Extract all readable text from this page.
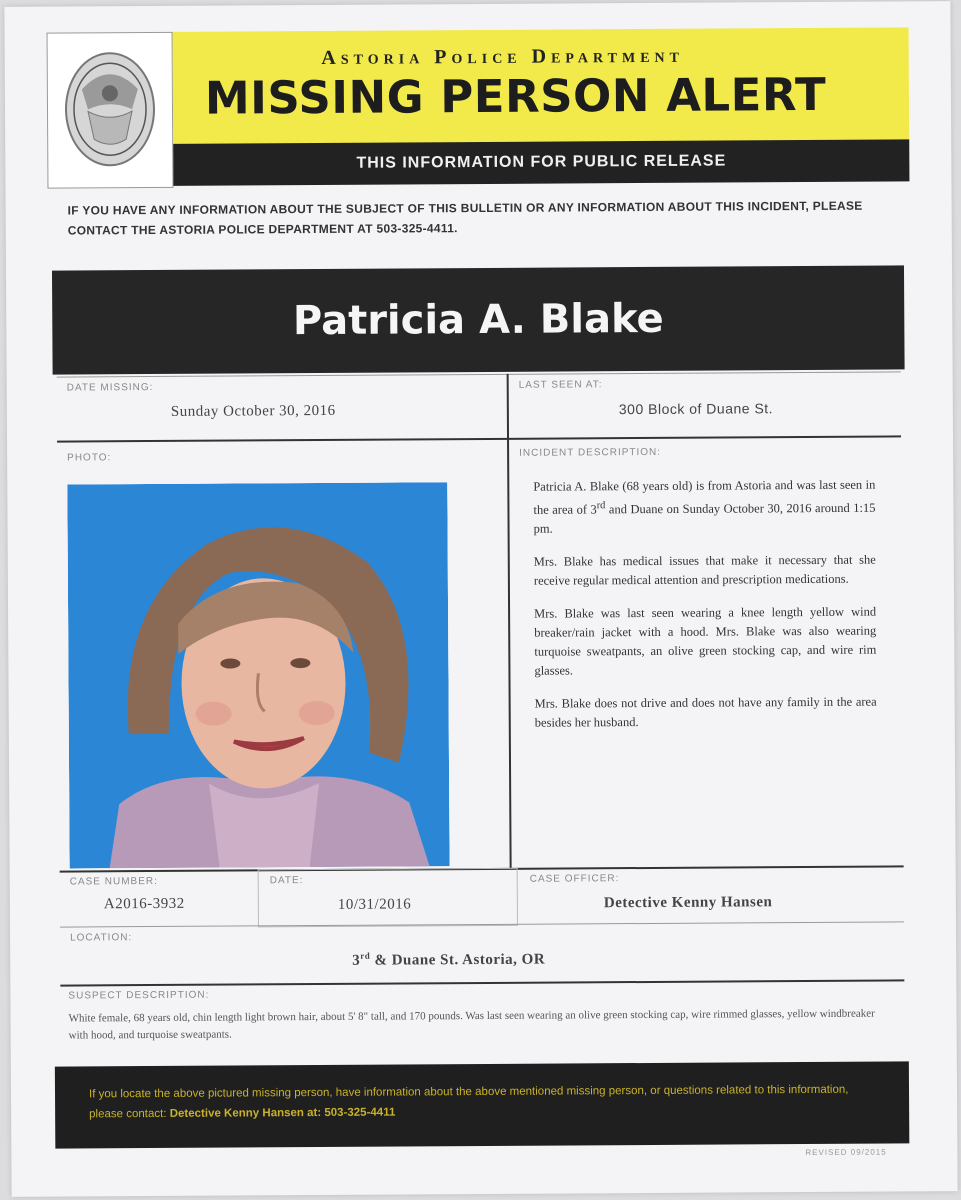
Astoria Police Department
MISSING PERSON ALERT
THIS INFORMATION FOR PUBLIC RELEASE
IF YOU HAVE ANY INFORMATION ABOUT THE SUBJECT OF THIS BULLETIN OR ANY INFORMATION ABOUT THIS INCIDENT, PLEASE CONTACT THE ASTORIA POLICE DEPARTMENT AT 503-325-4411.
Patricia A. Blake
DATE MISSING:
Sunday October 30, 2016
LAST SEEN AT:
300 Block of Duane St.
PHOTO:	INCIDENT DESCRIPTION:

Patricia A. Blake (68 years old) is from Astoria and was last seen in the area of 3rd and Duane on Sunday October 30, 2016 around 1:15 pm.

Mrs. Blake has medical issues that make it necessary that she receive regular medical attention and prescription medications.

Mrs. Blake was last seen wearing a knee length yellow wind breaker/rain jacket with a hood. Mrs. Blake was also wearing turquoise sweatpants, an olive green stocking cap, and wire rim glasses.

Mrs. Blake does not drive and does not have any family in the area besides her husband.

CASE NUMBER:
A2016-3932
DATE:
10/31/2016
CASE OFFICER:
Detective Kenny Hansen
LOCATION:
3rd & Duane St. Astoria, OR
SUSPECT DESCRIPTION:
White female, 68 years old, chin length light brown hair, about 5' 8" tall, and 170 pounds. Was last seen wearing an olive green stocking cap, wire rimmed glasses, yellow windbreaker with hood, and turquoise sweatpants.
If you locate the above pictured missing person, have information about the above mentioned missing person, or questions related to this information, please contact: Detective Kenny Hansen at: 503-325-4411
REVISED 09/2015
